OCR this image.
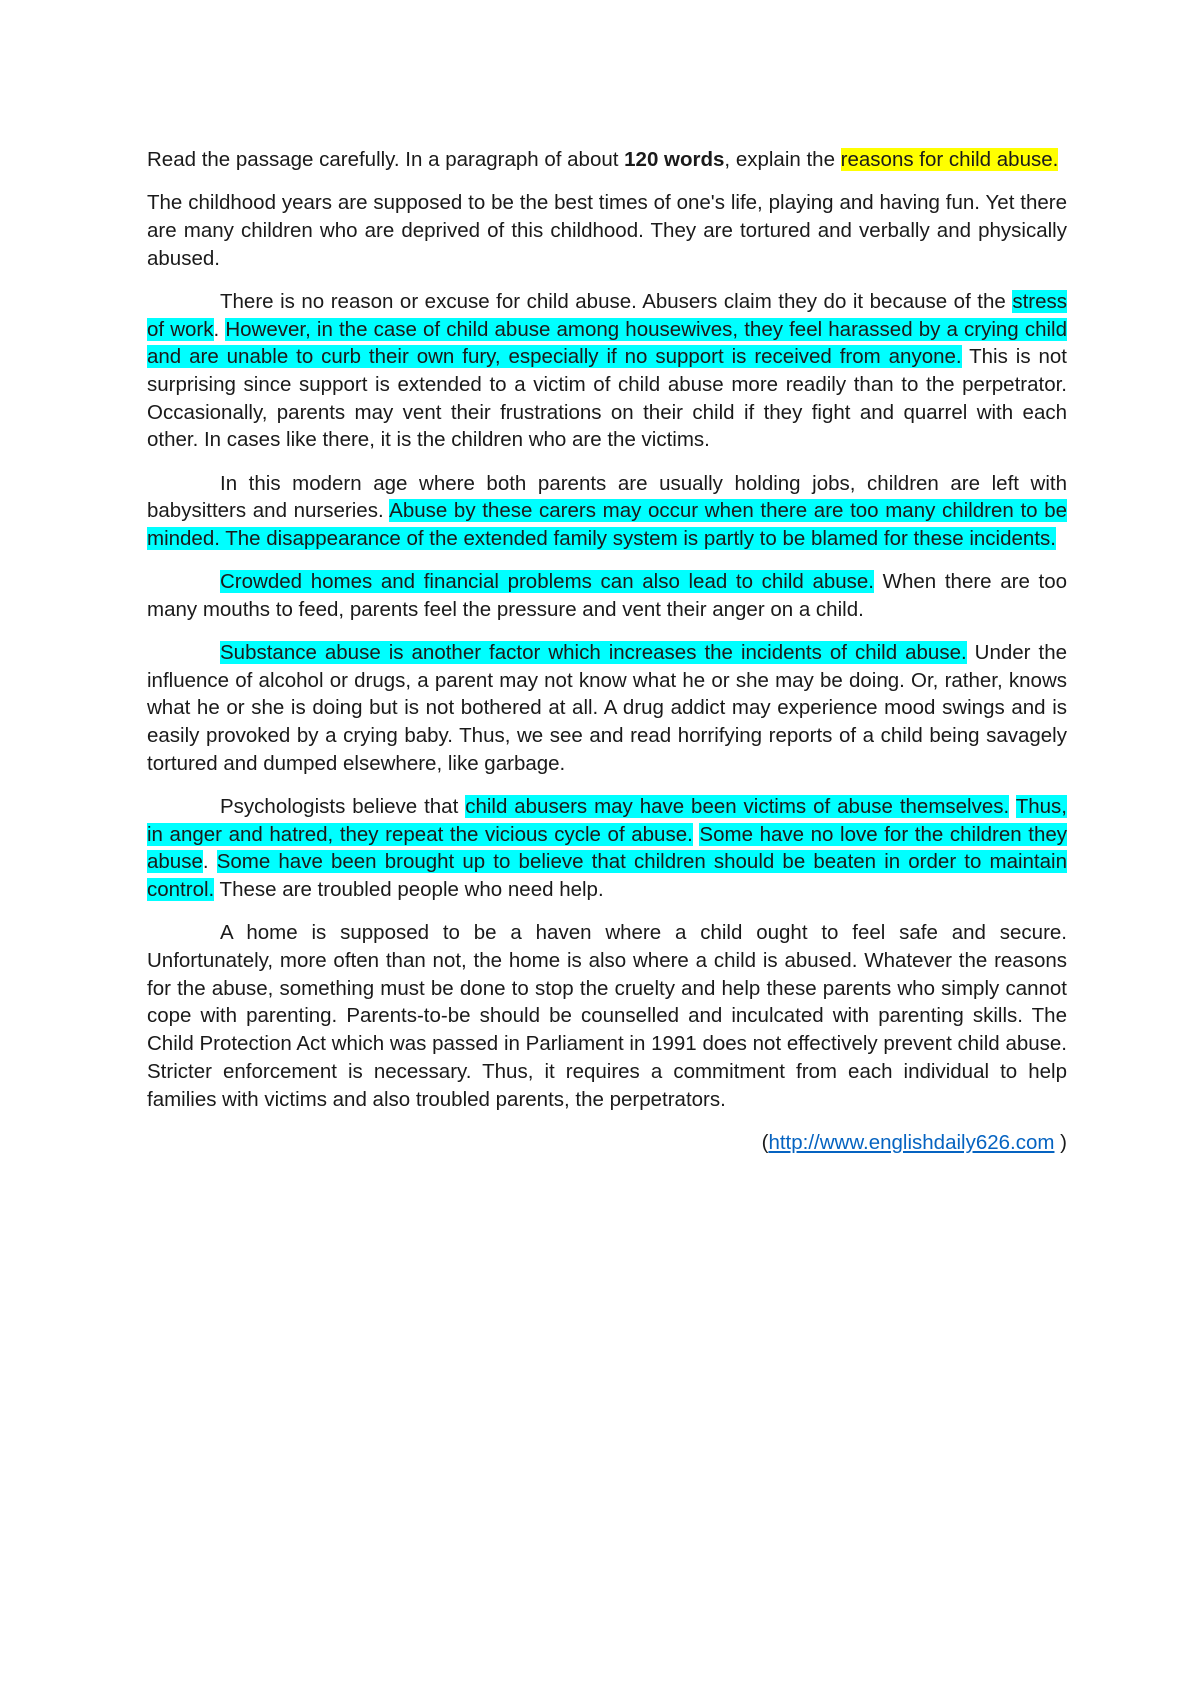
Read the passage carefully. In a paragraph of about 120 words, explain the reasons for child abuse.

The childhood years are supposed to be the best times of one's life, playing and having fun. Yet there are many children who are deprived of this childhood. They are tortured and verbally and physically abused.

There is no reason or excuse for child abuse. Abusers claim they do it because of the stress of work. However, in the case of child abuse among housewives, they feel harassed by a crying child and are unable to curb their own fury, especially if no support is received from anyone. This is not surprising since support is extended to a victim of child abuse more readily than to the perpetrator. Occasionally, parents may vent their frustrations on their child if they fight and quarrel with each other. In cases like there, it is the children who are the victims.

In this modern age where both parents are usually holding jobs, children are left with babysitters and nurseries. Abuse by these carers may occur when there are too many children to be minded. The disappearance of the extended family system is partly to be blamed for these incidents.

Crowded homes and financial problems can also lead to child abuse. When there are too many mouths to feed, parents feel the pressure and vent their anger on a child.

Substance abuse is another factor which increases the incidents of child abuse. Under the influence of alcohol or drugs, a parent may not know what he or she may be doing. Or, rather, knows what he or she is doing but is not bothered at all. A drug addict may experience mood swings and is easily provoked by a crying baby. Thus, we see and read horrifying reports of a child being savagely tortured and dumped elsewhere, like garbage.

Psychologists believe that child abusers may have been victims of abuse themselves. Thus, in anger and hatred, they repeat the vicious cycle of abuse. Some have no love for the children they abuse. Some have been brought up to believe that children should be beaten in order to maintain control. These are troubled people who need help.

A home is supposed to be a haven where a child ought to feel safe and secure. Unfortunately, more often than not, the home is also where a child is abused. Whatever the reasons for the abuse, something must be done to stop the cruelty and help these parents who simply cannot cope with parenting. Parents-to-be should be counselled and inculcated with parenting skills. The Child Protection Act which was passed in Parliament in 1991 does not effectively prevent child abuse. Stricter enforcement is necessary. Thus, it requires a commitment from each individual to help families with victims and also troubled parents, the perpetrators.

(http://www.englishdaily626.com )
